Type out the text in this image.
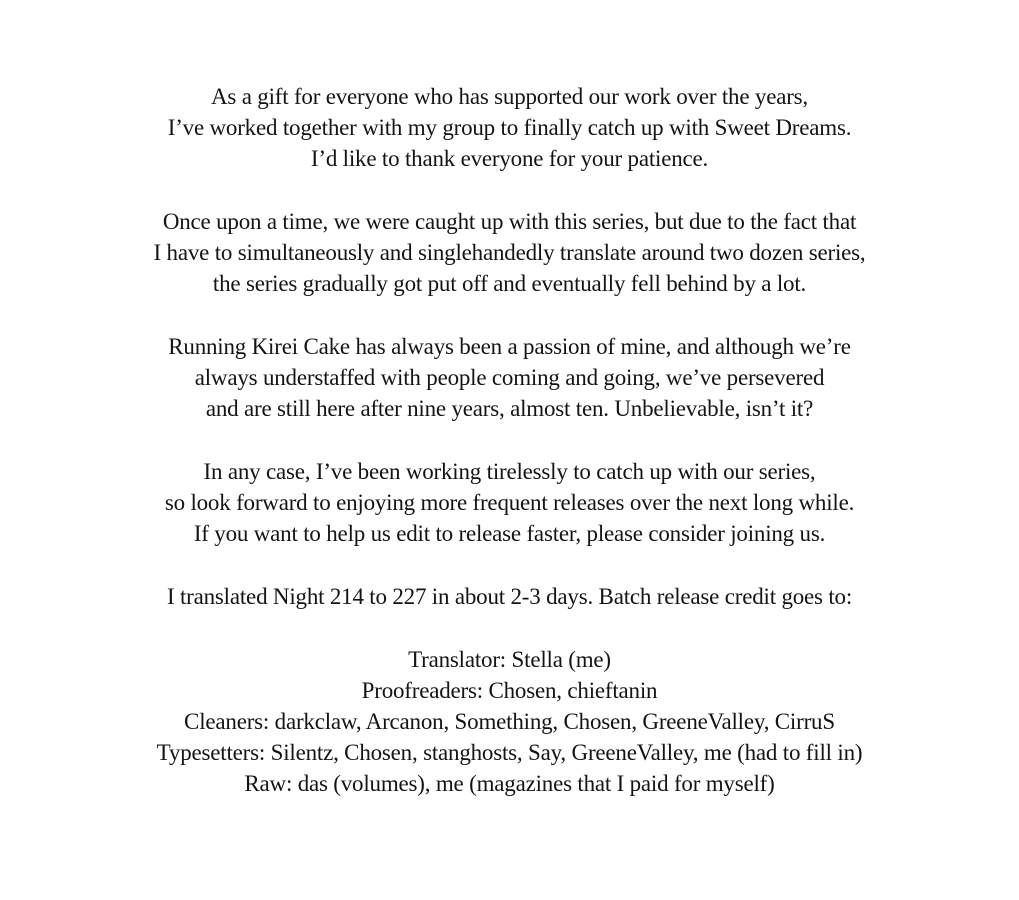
As a gift for everyone who has supported our work over the years,
I’ve worked together with my group to finally catch up with Sweet Dreams.
I’d like to thank everyone for your patience.

Once upon a time, we were caught up with this series, but due to the fact that
I have to simultaneously and singlehandedly translate around two dozen series,
the series gradually got put off and eventually fell behind by a lot.

Running Kirei Cake has always been a passion of mine, and although we’re
always understaffed with people coming and going, we’ve persevered
and are still here after nine years, almost ten. Unbelievable, isn’t it?

In any case, I’ve been working tirelessly to catch up with our series,
so look forward to enjoying more frequent releases over the next long while.
If you want to help us edit to release faster, please consider joining us.

I translated Night 214 to 227 in about 2-3 days. Batch release credit goes to:

Translator: Stella (me)
Proofreaders: Chosen, chieftanin
Cleaners: darkclaw, Arcanon, Something, Chosen, GreeneValley, CirruS
Typesetters: Silentz, Chosen, stanghosts, Say, GreeneValley, me (had to fill in)
Raw: das (volumes), me (magazines that I paid for myself)
